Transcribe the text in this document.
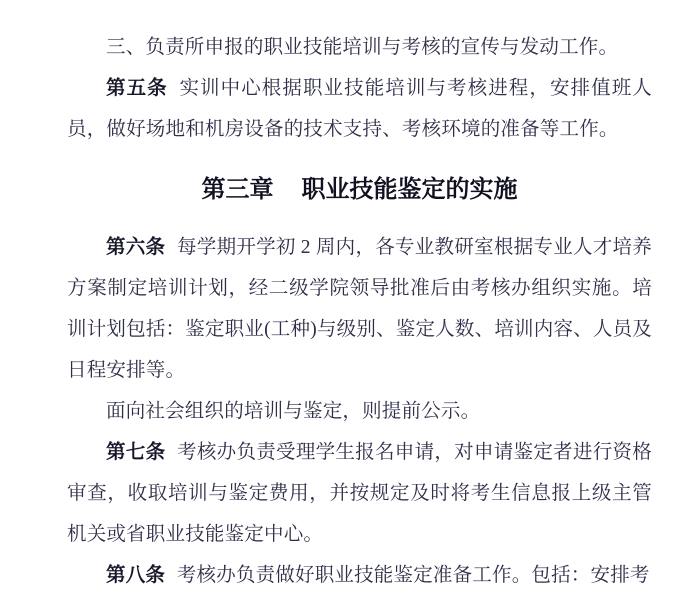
三、负责所申报的职业技能培训与考核的宣传与发动工作。

第五条 实训中心根据职业技能培训与考核进程，安排值班人员，做好场地和机房设备的技术支持、考核环境的准备等工作。

第三章 职业技能鉴定的实施

第六条 每学期开学初 2 周内，各专业教研室根据专业人才培养方案制定培训计划，经二级学院领导批准后由考核办组织实施。培训计划包括：鉴定职业(工种)与级别、鉴定人数、培训内容、人员及日程安排等。

面向社会组织的培训与鉴定，则提前公示。

第七条 考核办负责受理学生报名申请，对申请鉴定者进行资格审查，收取培训与鉴定费用，并按规定及时将考生信息报上级主管机关或省职业技能鉴定中心。

第八条 考核办负责做好职业技能鉴定准备工作。包括：安排考
